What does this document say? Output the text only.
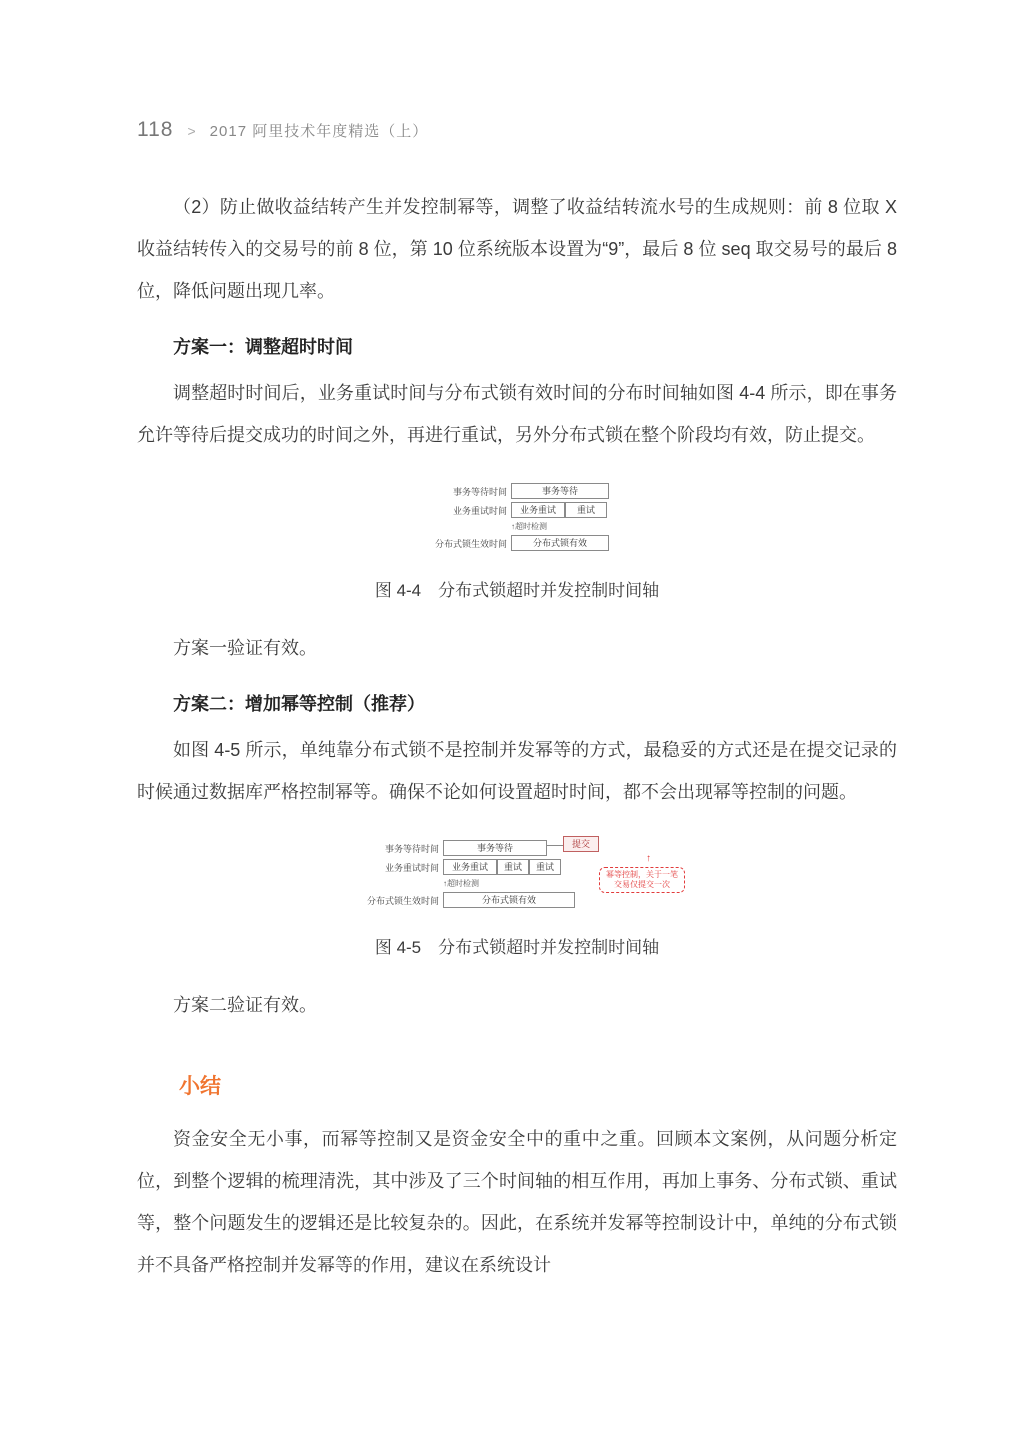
118 > 2017 阿里技术年度精选（上）

（2）防止做收益结转产生并发控制幂等，调整了收益结转流水号的生成规则：前 8 位取 X 收益结转传入的交易号的前 8 位，第 10 位系统版本设置为“9”，最后 8 位 seq 取交易号的最后 8 位，降低问题出现几率。

方案一：调整超时时间

调整超时时间后，业务重试时间与分布式锁有效时间的分布时间轴如图 4-4 所示，即在事务允许等待后提交成功的时间之外，再进行重试，另外分布式锁在整个阶段均有效，防止提交。

事务等待时间	事务等待
业务重试时间	业务重试	重试
↑超时检测
分布式锁生效时间	分布式锁有效
图 4-4　分布式锁超时并发控制时间轴

方案一验证有效。

方案二：增加幂等控制（推荐）

如图 4-5 所示，单纯靠分布式锁不是控制并发幂等的方式，最稳妥的方式还是在提交记录的时候通过数据库严格控制幂等。确保不论如何设置超时时间，都不会出现幂等控制的问题。

事务等待时间	事务等待	提交
业务重试时间	业务重试	重试	重试
↑超时检测
分布式锁生效时间	分布式锁有效
↑
幂等控制，关于一笔交易仅提交一次
图 4-5　分布式锁超时并发控制时间轴

方案二验证有效。

小结

资金安全无小事，而幂等控制又是资金安全中的重中之重。回顾本文案例，从问题分析定位，到整个逻辑的梳理清洗，其中涉及了三个时间轴的相互作用，再加上事务、分布式锁、重试等，整个问题发生的逻辑还是比较复杂的。因此，在系统并发幂等控制设计中，单纯的分布式锁并不具备严格控制并发幂等的作用，建议在系统设计
